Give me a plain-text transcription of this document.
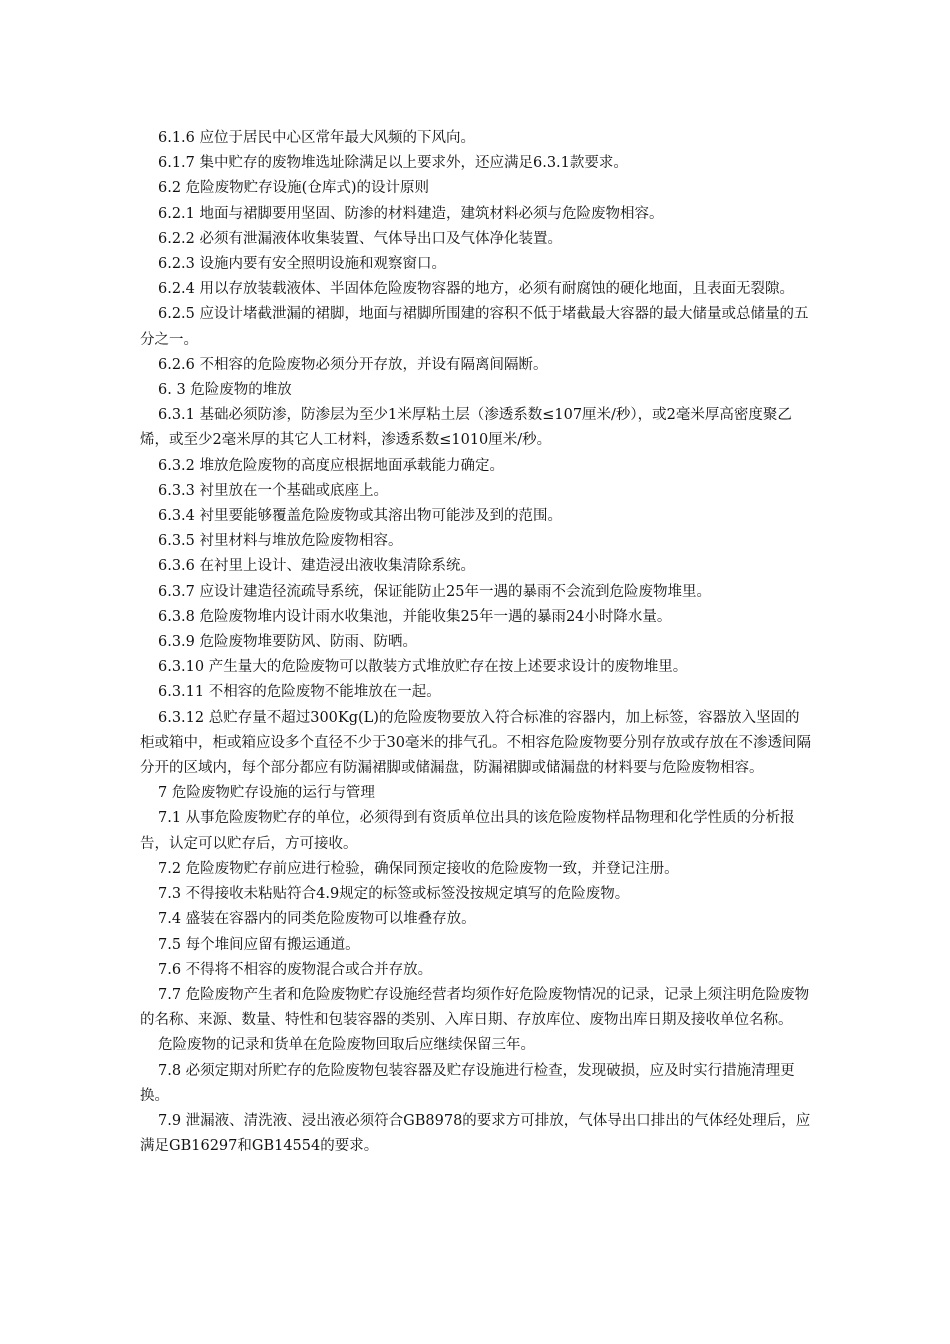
6.1.6 应位于居民中心区常年最大风频的下风向。

6.1.7 集中贮存的废物堆选址除满足以上要求外，还应满足6.3.1款要求。

6.2 危险废物贮存设施(仓库式)的设计原则

6.2.1 地面与裙脚要用坚固、防渗的材料建造，建筑材料必须与危险废物相容。

6.2.2 必须有泄漏液体收集装置、气体导出口及气体净化装置。

6.2.3 设施内要有安全照明设施和观察窗口。

6.2.4 用以存放装载液体、半固体危险废物容器的地方，必须有耐腐蚀的硬化地面，且表面无裂隙。

6.2.5 应设计堵截泄漏的裙脚，地面与裙脚所围建的容积不低于堵截最大容器的最大储量或总储量的五分之一。

6.2.6 不相容的危险废物必须分开存放，并设有隔离间隔断。

6. 3 危险废物的堆放

6.3.1 基础必须防渗，防渗层为至少1米厚粘土层（渗透系数≤107厘米/秒），或2毫米厚高密度聚乙烯，或至少2毫米厚的其它人工材料，渗透系数≤1010厘米/秒。

6.3.2 堆放危险废物的高度应根据地面承载能力确定。

6.3.3 衬里放在一个基础或底座上。

6.3.4 衬里要能够覆盖危险废物或其溶出物可能涉及到的范围。

6.3.5 衬里材料与堆放危险废物相容。

6.3.6 在衬里上设计、建造浸出液收集清除系统。

6.3.7 应设计建造径流疏导系统，保证能防止25年一遇的暴雨不会流到危险废物堆里。

6.3.8 危险废物堆内设计雨水收集池，并能收集25年一遇的暴雨24小时降水量。

6.3.9 危险废物堆要防风、防雨、防晒。

6.3.10 产生量大的危险废物可以散装方式堆放贮存在按上述要求设计的废物堆里。

6.3.11 不相容的危险废物不能堆放在一起。

6.3.12 总贮存量不超过300Kg(L)的危险废物要放入符合标准的容器内，加上标签，容器放入坚固的柜或箱中，柜或箱应设多个直径不少于30毫米的排气孔。不相容危险废物要分别存放或存放在不渗透间隔分开的区域内，每个部分都应有防漏裙脚或储漏盘，防漏裙脚或储漏盘的材料要与危险废物相容。

7 危险废物贮存设施的运行与管理

7.1 从事危险废物贮存的单位，必须得到有资质单位出具的该危险废物样品物理和化学性质的分析报告，认定可以贮存后，方可接收。

7.2 危险废物贮存前应进行检验，确保同预定接收的危险废物一致，并登记注册。

7.3 不得接收未粘贴符合4.9规定的标签或标签没按规定填写的危险废物。

7.4 盛装在容器内的同类危险废物可以堆叠存放。

7.5 每个堆间应留有搬运通道。

7.6 不得将不相容的废物混合或合并存放。

7.7 危险废物产生者和危险废物贮存设施经营者均须作好危险废物情况的记录，记录上须注明危险废物的名称、来源、数量、特性和包装容器的类别、入库日期、存放库位、废物出库日期及接收单位名称。

危险废物的记录和货单在危险废物回取后应继续保留三年。

7.8 必须定期对所贮存的危险废物包装容器及贮存设施进行检查，发现破损，应及时实行措施清理更换。

7.9 泄漏液、清洗液、浸出液必须符合GB8978的要求方可排放，气体导出口排出的气体经处理后，应满足GB16297和GB14554的要求。
